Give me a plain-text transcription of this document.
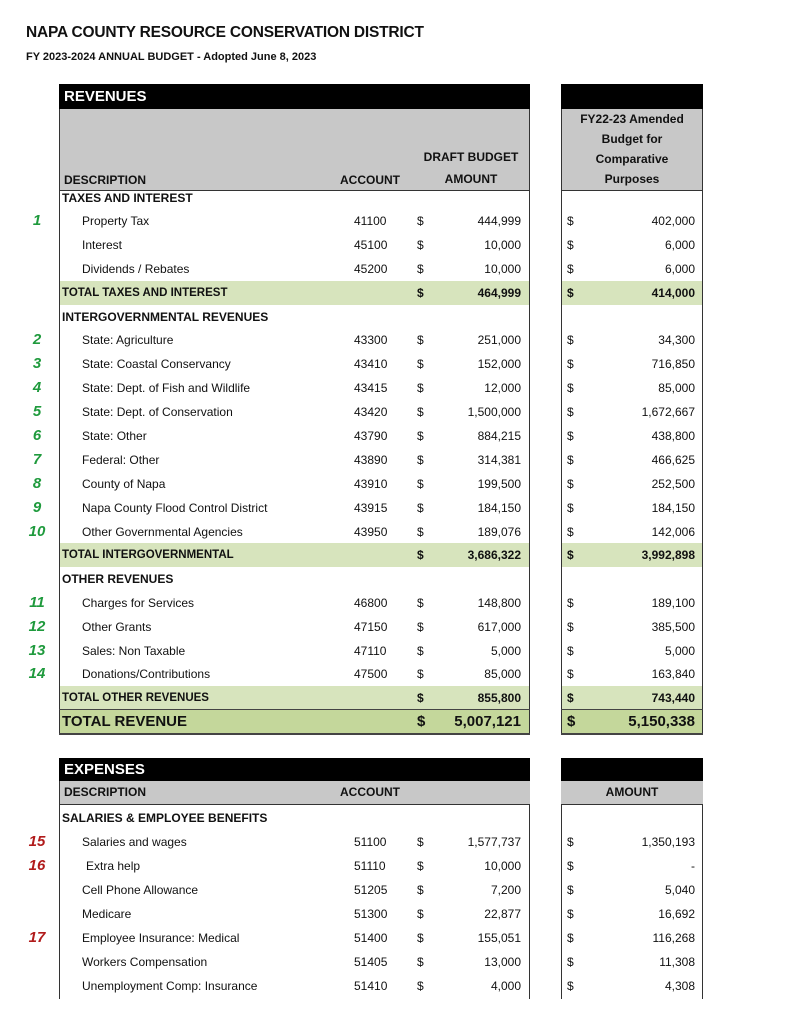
NAPA COUNTY RESOURCE CONSERVATION DISTRICT
FY 2023-2024 ANNUAL BUDGET - Adopted June 8, 2023
REVENUES
DESCRIPTION	ACCOUNT
DRAFT BUDGET
AMOUNT
FY22-23 Amended
Budget for
Comparative
Purposes
TAXES AND INTEREST
1	Property Tax	41100	$	444,999	$	402,000
Interest	45100 $	10,000	$	6,000
Dividends / Rebates	45200 $	10,000	$	6,000
TOTAL TAXES AND INTEREST	$	464,999	$	414,000
INTERGOVERNMENTAL REVENUES
2	State: Agriculture	43300 $	251,000	$	34,300
3	State: Coastal Conservancy	43410 $	152,000	$	716,850
4	State: Dept. of Fish and Wildlife	43415 $	12,000	$	85,000
5	State: Dept. of Conservation	43420 $	1,500,000	$	1,672,667
6	State: Other	43790 $	884,215	$	438,800
7	Federal: Other	43890 $	314,381	$	466,625
8	County of Napa	43910 $	199,500	$	252,500
9	Napa County Flood Control District	43915 $	184,150	$	184,150
10	Other Governmental Agencies	43950 $	189,076	$	142,006
TOTAL INTERGOVERNMENTAL	$	3,686,322	$	3,992,898
OTHER REVENUES
11	Charges for Services	46800 $	148,800	$	189,100
12	Other Grants	47150 $	617,000	$	385,500
13	Sales: Non Taxable	47110	$	5,000	$	5,000
14	Donations/Contributions	47500 $	85,000	$	163,840
TOTAL OTHER REVENUES	$	855,800	$	743,440
TOTAL REVENUE	$ 5,007,121	$	5,150,338
EXPENSES
DESCRIPTION	ACCOUNT	AMOUNT
SALARIES & EMPLOYEE BENEFITS
15	Salaries and wages	51100	$	1,577,737	$	1,350,193
16	Extra help	51110	$	10,000	$	-
Cell Phone Allowance	51205 $	7,200	$	5,040
Medicare	51300 $	22,877	$	16,692
17	Employee Insurance: Medical	51400 $	155,051	$	116,268
Workers Compensation	51405 $	13,000	$	11,308
Unemployment Comp: Insurance	51410 $	4,000	$	4,308
